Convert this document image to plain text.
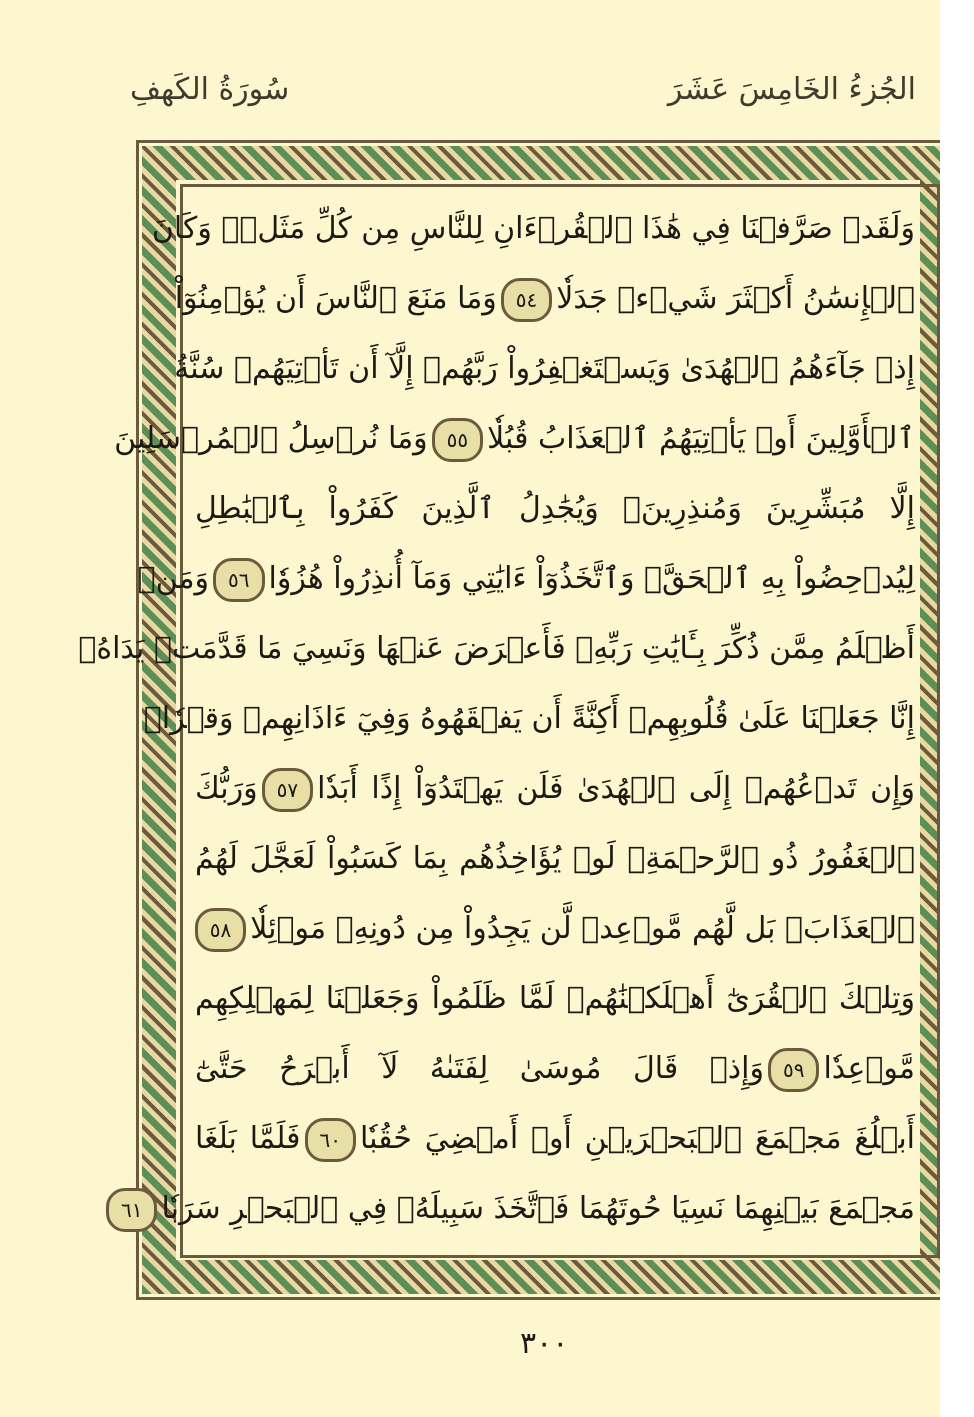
سُورَةُ الكَهفِ	الجُزءُ الخَامِسَ عَشَرَ
وَلَقَدۡ صَرَّفۡنَا فِي هَٰذَا ٱلۡقُرۡءَانِ لِلنَّاسِ مِن كُلِّ مَثَلٖۚ وَكَانَ
ٱلۡإِنسَٰنُ أَكۡثَرَ شَيۡءٖ جَدَلٗا٥٤وَمَا مَنَعَ ٱلنَّاسَ أَن يُؤۡمِنُوٓاْ
إِذۡ جَآءَهُمُ ٱلۡهُدَىٰ وَيَسۡتَغۡفِرُواْ رَبَّهُمۡ إِلَّآ أَن تَأۡتِيَهُمۡ سُنَّةُ
ٱلۡأَوَّلِينَ أَوۡ يَأۡتِيَهُمُ ٱلۡعَذَابُ قُبُلٗا٥٥وَمَا نُرۡسِلُ ٱلۡمُرۡسَلِينَ
إِلَّا مُبَشِّرِينَ وَمُنذِرِينَۚ وَيُجَٰدِلُ ٱلَّذِينَ كَفَرُواْ بِٱلۡبَٰطِلِ
لِيُدۡحِضُواْ بِهِ ٱلۡحَقَّۖ وَٱتَّخَذُوٓاْ ءَايَٰتِي وَمَآ أُنذِرُواْ هُزُوٗا٥٦وَمَنۡ
أَظۡلَمُ مِمَّن ذُكِّرَ بِـَٔايَٰتِ رَبِّهِۦ فَأَعۡرَضَ عَنۡهَا وَنَسِيَ مَا قَدَّمَتۡ يَدَاهُۚ
إِنَّا جَعَلۡنَا عَلَىٰ قُلُوبِهِمۡ أَكِنَّةً أَن يَفۡقَهُوهُ وَفِيٓ ءَاذَانِهِمۡ وَقۡرٗاۖ
وَإِن تَدۡعُهُمۡ إِلَى ٱلۡهُدَىٰ فَلَن يَهۡتَدُوٓاْ إِذًا أَبَدٗا٥٧وَرَبُّكَ
ٱلۡغَفُورُ ذُو ٱلرَّحۡمَةِۖ لَوۡ يُؤَاخِذُهُم بِمَا كَسَبُواْ لَعَجَّلَ لَهُمُ
ٱلۡعَذَابَۚ بَل لَّهُم مَّوۡعِدٞ لَّن يَجِدُواْ مِن دُونِهِۦ مَوۡئِلٗا٥٨
وَتِلۡكَ ٱلۡقُرَىٰٓ أَهۡلَكۡنَٰهُمۡ لَمَّا ظَلَمُواْ وَجَعَلۡنَا لِمَهۡلِكِهِم
مَّوۡعِدٗا٥٩وَإِذۡ قَالَ مُوسَىٰ لِفَتَىٰهُ لَآ أَبۡرَحُ حَتَّىٰٓ
أَبۡلُغَ مَجۡمَعَ ٱلۡبَحۡرَيۡنِ أَوۡ أَمۡضِيَ حُقُبٗا٦٠فَلَمَّا بَلَغَا
مَجۡمَعَ بَيۡنِهِمَا نَسِيَا حُوتَهُمَا فَٱتَّخَذَ سَبِيلَهُۥ فِي ٱلۡبَحۡرِ سَرَبٗا٦١
٣٠٠
